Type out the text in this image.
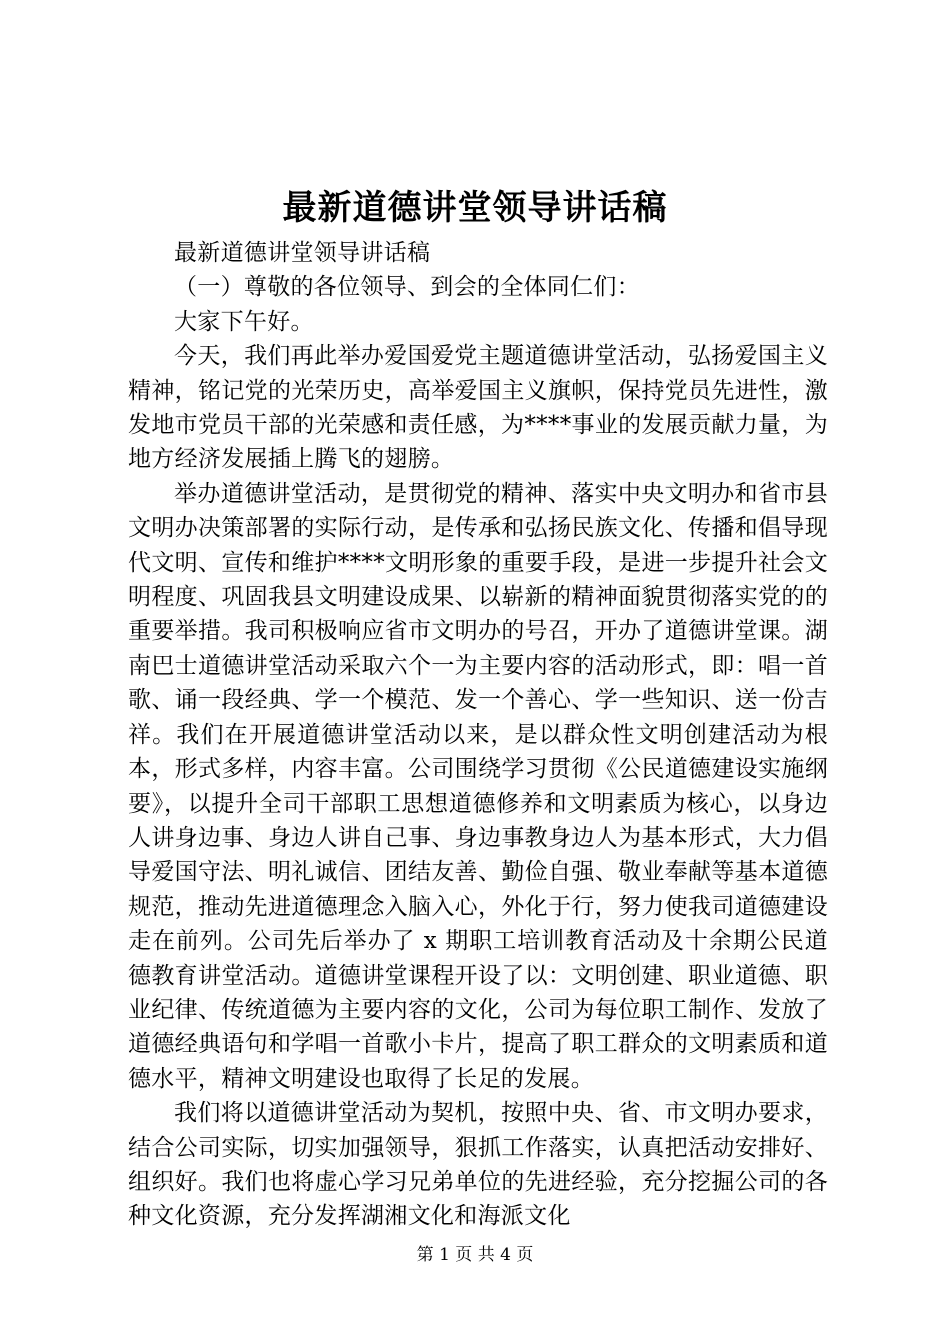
最新道德讲堂领导讲话稿

最新道德讲堂领导讲话稿

（一）尊敬的各位领导、到会的全体同仁们：

大家下午好。

今天，我们再此举办爱国爱党主题道德讲堂活动，弘扬爱国主义精神，铭记党的光荣历史，高举爱国主义旗帜，保持党员先进性，激发地市党员干部的光荣感和责任感，为****事业的发展贡献力量，为地方经济发展插上腾飞的翅膀。

举办道德讲堂活动，是贯彻党的精神、落实中央文明办和省市县文明办决策部署的实际行动，是传承和弘扬民族文化、传播和倡导现代文明、宣传和维护****文明形象的重要手段，是进一步提升社会文明程度、巩固我县文明建设成果、以崭新的精神面貌贯彻落实党的的重要举措。我司积极响应省市文明办的号召，开办了道德讲堂课。湖南巴士道德讲堂活动采取六个一为主要内容的活动形式，即：唱一首歌、诵一段经典、学一个模范、发一个善心、学一些知识、送一份吉祥。我们在开展道德讲堂活动以来，是以群众性文明创建活动为根本，形式多样，内容丰富。公司围绕学习贯彻《公民道德建设实施纲要》，以提升全司干部职工思想道德修养和文明素质为核心，以身边人讲身边事、身边人讲自己事、身边事教身边人为基本形式，大力倡导爱国守法、明礼诚信、团结友善、勤俭自强、敬业奉献等基本道德规范，推动先进道德理念入脑入心，外化于行，努力使我司道德建设走在前列。公司先后举办了 x 期职工培训教育活动及十余期公民道德教育讲堂活动。道德讲堂课程开设了以：文明创建、职业道德、职业纪律、传统道德为主要内容的文化，公司为每位职工制作、发放了道德经典语句和学唱一首歌小卡片，提高了职工群众的文明素质和道德水平，精神文明建设也取得了长足的发展。

我们将以道德讲堂活动为契机，按照中央、省、市文明办要求，结合公司实际，切实加强领导，狠抓工作落实，认真把活动安排好、组织好。我们也将虚心学习兄弟单位的先进经验，充分挖掘公司的各种文化资源，充分发挥湖湘文化和海派文化

第 1 页 共 4 页
